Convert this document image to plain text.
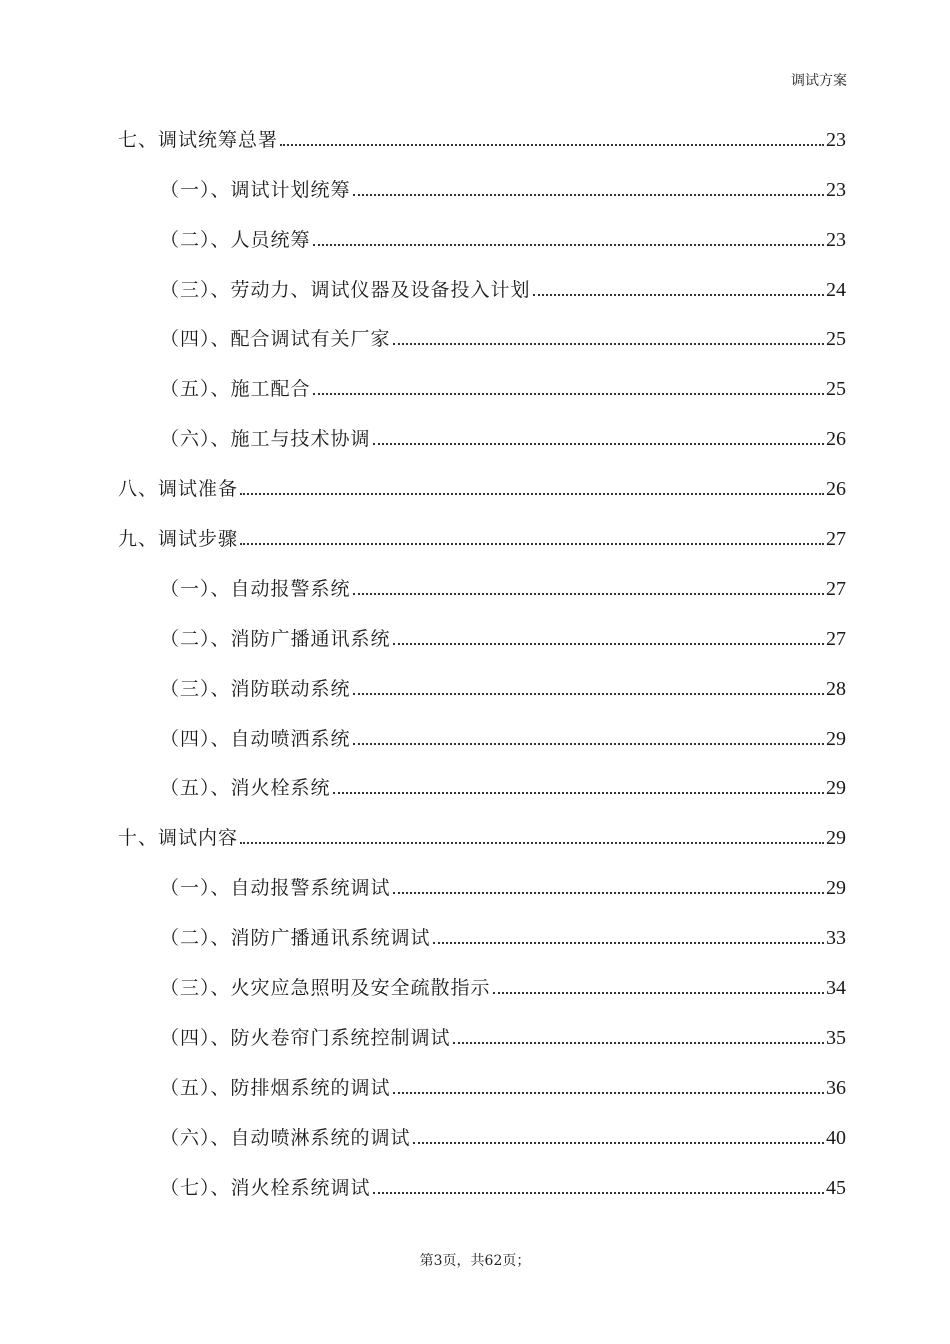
调试方案
七、调试统筹总署	23
（一）、调试计划统筹	23
（二）、人员统筹	23
（三）、劳动力、调试仪器及设备投入计划	24
（四）、配合调试有关厂家	25
（五）、施工配合	25
（六）、施工与技术协调	26
八、调试准备	26
九、调试步骤	27
（一）、自动报警系统	27
（二）、消防广播通讯系统	27
（三）、消防联动系统	28
（四）、自动喷洒系统	29
（五）、消火栓系统	29
十、调试内容	29
（一）、自动报警系统调试	29
（二）、消防广播通讯系统调试	33
（三）、火灾应急照明及安全疏散指示	34
（四）、防火卷帘门系统控制调试	35
（五）、防排烟系统的调试	36
（六）、自动喷淋系统的调试	40
（七）、消火栓系统调试	45
第3页，共62页；
